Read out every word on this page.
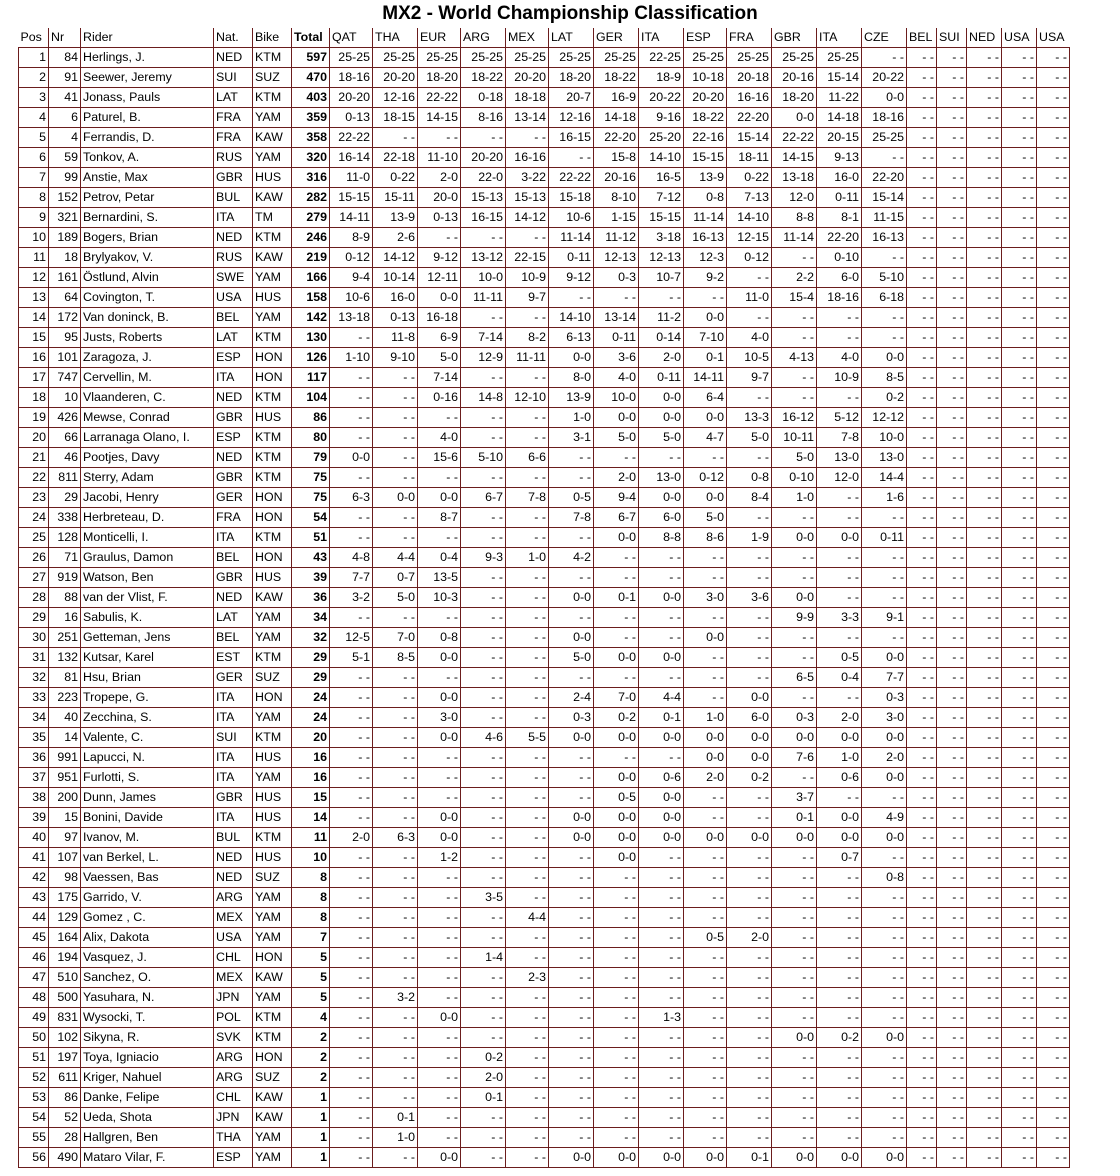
MX2 - World Championship Classification
Pos	Nr	Rider	Nat.	Bike	Total	QAT	THA	EUR	ARG	MEX	LAT	GER	ITA	ESP	FRA	GBR	ITA	CZE	BEL	SUI	NED	USA	USA
1	84	Herlings, J.	NED	KTM	597	25-25	25-25	25-25	25-25	25-25	25-25	25-25	22-25	25-25	25-25	25-25	25-25	- -	- -	- -	- -	- -	- -
2	91	Seewer, Jeremy	SUI	SUZ	470	18-16	20-20	18-20	18-22	20-20	18-20	18-22	18-9	10-18	20-18	20-16	15-14	20-22	- -	- -	- -	- -	- -
3	41	Jonass, Pauls	LAT	KTM	403	20-20	12-16	22-22	0-18	18-18	20-7	16-9	20-22	20-20	16-16	18-20	11-22	0-0	- -	- -	- -	- -	- -
4	6	Paturel, B.	FRA	YAM	359	0-13	18-15	14-15	8-16	13-14	12-16	14-18	9-16	18-22	22-20	0-0	14-18	18-16	- -	- -	- -	- -	- -
5	4	Ferrandis, D.	FRA	KAW	358	22-22	- -	- -	- -	- -	16-15	22-20	25-20	22-16	15-14	22-22	20-15	25-25	- -	- -	- -	- -	- -
6	59	Tonkov, A.	RUS	YAM	320	16-14	22-18	11-10	20-20	16-16	- -	15-8	14-10	15-15	18-11	14-15	9-13	- -	- -	- -	- -	- -	- -
7	99	Anstie, Max	GBR	HUS	316	11-0	0-22	2-0	22-0	3-22	22-22	20-16	16-5	13-9	0-22	13-18	16-0	22-20	- -	- -	- -	- -	- -
8	152	Petrov, Petar	BUL	KAW	282	15-15	15-11	20-0	15-13	15-13	15-18	8-10	7-12	0-8	7-13	12-0	0-11	15-14	- -	- -	- -	- -	- -
9	321	Bernardini, S.	ITA	TM	279	14-11	13-9	0-13	16-15	14-12	10-6	1-15	15-15	11-14	14-10	8-8	8-1	11-15	- -	- -	- -	- -	- -
10	189	Bogers, Brian	NED	KTM	246	8-9	2-6	- -	- -	- -	11-14	11-12	3-18	16-13	12-15	11-14	22-20	16-13	- -	- -	- -	- -	- -
11	18	Brylyakov, V.	RUS	KAW	219	0-12	14-12	9-12	13-12	22-15	0-11	12-13	12-13	12-3	0-12	- -	0-10	- -	- -	- -	- -	- -	- -
12	161	Östlund, Alvin	SWE	YAM	166	9-4	10-14	12-11	10-0	10-9	9-12	0-3	10-7	9-2	- -	2-2	6-0	5-10	- -	- -	- -	- -	- -
13	64	Covington, T.	USA	HUS	158	10-6	16-0	0-0	11-11	9-7	- -	- -	- -	- -	11-0	15-4	18-16	6-18	- -	- -	- -	- -	- -
14	172	Van doninck, B.	BEL	YAM	142	13-18	0-13	16-18	- -	- -	14-10	13-14	11-2	0-0	- -	- -	- -	- -	- -	- -	- -	- -	- -
15	95	Justs, Roberts	LAT	KTM	130	- -	11-8	6-9	7-14	8-2	6-13	0-11	0-14	7-10	4-0	- -	- -	- -	- -	- -	- -	- -	- -
16	101	Zaragoza, J.	ESP	HON	126	1-10	9-10	5-0	12-9	11-11	0-0	3-6	2-0	0-1	10-5	4-13	4-0	0-0	- -	- -	- -	- -	- -
17	747	Cervellin, M.	ITA	HON	117	- -	- -	7-14	- -	- -	8-0	4-0	0-11	14-11	9-7	- -	10-9	8-5	- -	- -	- -	- -	- -
18	10	Vlaanderen, C.	NED	KTM	104	- -	- -	0-16	14-8	12-10	13-9	10-0	0-0	6-4	- -	- -	- -	0-2	- -	- -	- -	- -	- -
19	426	Mewse, Conrad	GBR	HUS	86	- -	- -	- -	- -	- -	1-0	0-0	0-0	0-0	13-3	16-12	5-12	12-12	- -	- -	- -	- -	- -
20	66	Larranaga Olano, I.	ESP	KTM	80	- -	- -	4-0	- -	- -	3-1	5-0	5-0	4-7	5-0	10-11	7-8	10-0	- -	- -	- -	- -	- -
21	46	Pootjes, Davy	NED	KTM	79	0-0	- -	15-6	5-10	6-6	- -	- -	- -	- -	- -	5-0	13-0	13-0	- -	- -	- -	- -	- -
22	811	Sterry, Adam	GBR	KTM	75	- -	- -	- -	- -	- -	- -	2-0	13-0	0-12	0-8	0-10	12-0	14-4	- -	- -	- -	- -	- -
23	29	Jacobi, Henry	GER	HON	75	6-3	0-0	0-0	6-7	7-8	0-5	9-4	0-0	0-0	8-4	1-0	- -	1-6	- -	- -	- -	- -	- -
24	338	Herbreteau, D.	FRA	HON	54	- -	- -	8-7	- -	- -	7-8	6-7	6-0	5-0	- -	- -	- -	- -	- -	- -	- -	- -	- -
25	128	Monticelli, I.	ITA	KTM	51	- -	- -	- -	- -	- -	- -	0-0	8-8	8-6	1-9	0-0	0-0	0-11	- -	- -	- -	- -	- -
26	71	Graulus, Damon	BEL	HON	43	4-8	4-4	0-4	9-3	1-0	4-2	- -	- -	- -	- -	- -	- -	- -	- -	- -	- -	- -	- -
27	919	Watson, Ben	GBR	HUS	39	7-7	0-7	13-5	- -	- -	- -	- -	- -	- -	- -	- -	- -	- -	- -	- -	- -	- -	- -
28	88	van der Vlist, F.	NED	KAW	36	3-2	5-0	10-3	- -	- -	0-0	0-1	0-0	3-0	3-6	0-0	- -	- -	- -	- -	- -	- -	- -
29	16	Sabulis, K.	LAT	YAM	34	- -	- -	- -	- -	- -	- -	- -	- -	- -	- -	9-9	3-3	9-1	- -	- -	- -	- -	- -
30	251	Getteman, Jens	BEL	YAM	32	12-5	7-0	0-8	- -	- -	0-0	- -	- -	0-0	- -	- -	- -	- -	- -	- -	- -	- -	- -
31	132	Kutsar, Karel	EST	KTM	29	5-1	8-5	0-0	- -	- -	5-0	0-0	0-0	- -	- -	- -	0-5	0-0	- -	- -	- -	- -	- -
32	81	Hsu, Brian	GER	SUZ	29	- -	- -	- -	- -	- -	- -	- -	- -	- -	- -	6-5	0-4	7-7	- -	- -	- -	- -	- -
33	223	Tropepe, G.	ITA	HON	24	- -	- -	0-0	- -	- -	2-4	7-0	4-4	- -	0-0	- -	- -	0-3	- -	- -	- -	- -	- -
34	40	Zecchina, S.	ITA	YAM	24	- -	- -	3-0	- -	- -	0-3	0-2	0-1	1-0	6-0	0-3	2-0	3-0	- -	- -	- -	- -	- -
35	14	Valente, C.	SUI	KTM	20	- -	- -	0-0	4-6	5-5	0-0	0-0	0-0	0-0	0-0	0-0	0-0	0-0	- -	- -	- -	- -	- -
36	991	Lapucci, N.	ITA	HUS	16	- -	- -	- -	- -	- -	- -	- -	- -	0-0	0-0	7-6	1-0	2-0	- -	- -	- -	- -	- -
37	951	Furlotti, S.	ITA	YAM	16	- -	- -	- -	- -	- -	- -	0-0	0-6	2-0	0-2	- -	0-6	0-0	- -	- -	- -	- -	- -
38	200	Dunn, James	GBR	HUS	15	- -	- -	- -	- -	- -	- -	0-5	0-0	- -	- -	3-7	- -	- -	- -	- -	- -	- -	- -
39	15	Bonini, Davide	ITA	HUS	14	- -	- -	0-0	- -	- -	0-0	0-0	0-0	- -	- -	0-1	0-0	4-9	- -	- -	- -	- -	- -
40	97	Ivanov, M.	BUL	KTM	11	2-0	6-3	0-0	- -	- -	0-0	0-0	0-0	0-0	0-0	0-0	0-0	0-0	- -	- -	- -	- -	- -
41	107	van Berkel, L.	NED	HUS	10	- -	- -	1-2	- -	- -	- -	0-0	- -	- -	- -	- -	0-7	- -	- -	- -	- -	- -	- -
42	98	Vaessen, Bas	NED	SUZ	8	- -	- -	- -	- -	- -	- -	- -	- -	- -	- -	- -	- -	0-8	- -	- -	- -	- -	- -
43	175	Garrido, V.	ARG	YAM	8	- -	- -	- -	3-5	- -	- -	- -	- -	- -	- -	- -	- -	- -	- -	- -	- -	- -	- -
44	129	Gomez , C.	MEX	YAM	8	- -	- -	- -	- -	4-4	- -	- -	- -	- -	- -	- -	- -	- -	- -	- -	- -	- -	- -
45	164	Alix, Dakota	USA	YAM	7	- -	- -	- -	- -	- -	- -	- -	- -	0-5	2-0	- -	- -	- -	- -	- -	- -	- -	- -
46	194	Vasquez, J.	CHL	HON	5	- -	- -	- -	1-4	- -	- -	- -	- -	- -	- -	- -	- -	- -	- -	- -	- -	- -	- -
47	510	Sanchez, O.	MEX	KAW	5	- -	- -	- -	- -	2-3	- -	- -	- -	- -	- -	- -	- -	- -	- -	- -	- -	- -	- -
48	500	Yasuhara, N.	JPN	YAM	5	- -	3-2	- -	- -	- -	- -	- -	- -	- -	- -	- -	- -	- -	- -	- -	- -	- -	- -
49	831	Wysocki, T.	POL	KTM	4	- -	- -	0-0	- -	- -	- -	- -	1-3	- -	- -	- -	- -	- -	- -	- -	- -	- -	- -
50	102	Sikyna, R.	SVK	KTM	2	- -	- -	- -	- -	- -	- -	- -	- -	- -	- -	0-0	0-2	0-0	- -	- -	- -	- -	- -
51	197	Toya, Igniacio	ARG	HON	2	- -	- -	- -	0-2	- -	- -	- -	- -	- -	- -	- -	- -	- -	- -	- -	- -	- -	- -
52	611	Kriger, Nahuel	ARG	SUZ	2	- -	- -	- -	2-0	- -	- -	- -	- -	- -	- -	- -	- -	- -	- -	- -	- -	- -	- -
53	86	Danke, Felipe	CHL	KAW	1	- -	- -	- -	0-1	- -	- -	- -	- -	- -	- -	- -	- -	- -	- -	- -	- -	- -	- -
54	52	Ueda, Shota	JPN	KAW	1	- -	0-1	- -	- -	- -	- -	- -	- -	- -	- -	- -	- -	- -	- -	- -	- -	- -	- -
55	28	Hallgren, Ben	THA	YAM	1	- -	1-0	- -	- -	- -	- -	- -	- -	- -	- -	- -	- -	- -	- -	- -	- -	- -	- -
56	490	Mataro Vilar, F.	ESP	YAM	1	- -	- -	0-0	- -	- -	0-0	0-0	0-0	0-0	0-1	0-0	0-0	0-0	- -	- -	- -	- -	- -
